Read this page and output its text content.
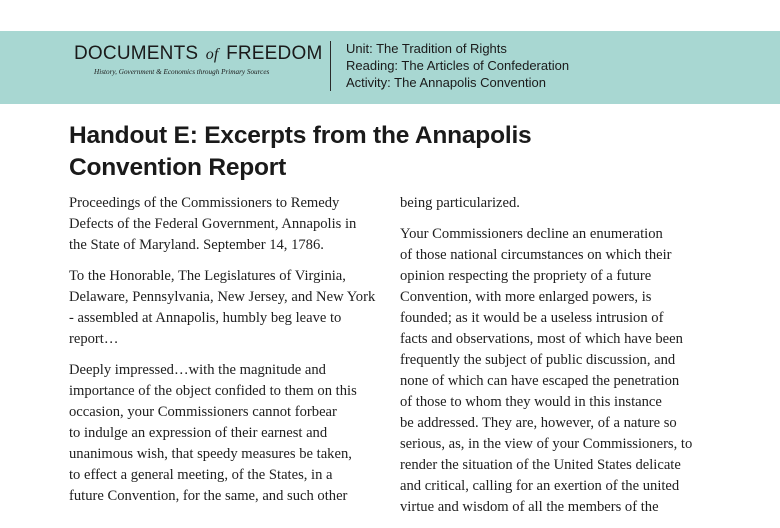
DOCUMENTS of FREEDOM
History, Government & Economics through Primary Sources
Unit: The Tradition of Rights
Reading: The Articles of Confederation
Activity: The Annapolis Convention
Handout E: Excerpts from the Annapolis
Convention Report

Proceedings of the Commissioners to Remedy
Defects of the Federal Government, Annapolis in
the State of Maryland. September 14, 1786.

To the Honorable, The Legislatures of Virginia,
Delaware, Pennsylvania, New Jersey, and New York
- assembled at Annapolis, humbly beg leave to
report…

Deeply impressed…with the magnitude and
importance of the object confided to them on this
occasion, your Commissioners cannot forbear
to indulge an expression of their earnest and
unanimous wish, that speedy measures be taken,
to effect a general meeting, of the States, in a
future Convention, for the same, and such other

being particularized.

Your Commissioners decline an enumeration
of those national circumstances on which their
opinion respecting the propriety of a future
Convention, with more enlarged powers, is
founded; as it would be a useless intrusion of
facts and observations, most of which have been
frequently the subject of public discussion, and
none of which can have escaped the penetration
of those to whom they would in this instance
be addressed. They are, however, of a nature so
serious, as, in the view of your Commissioners, to
render the situation of the United States delicate
and critical, calling for an exertion of the united
virtue and wisdom of all the members of the
